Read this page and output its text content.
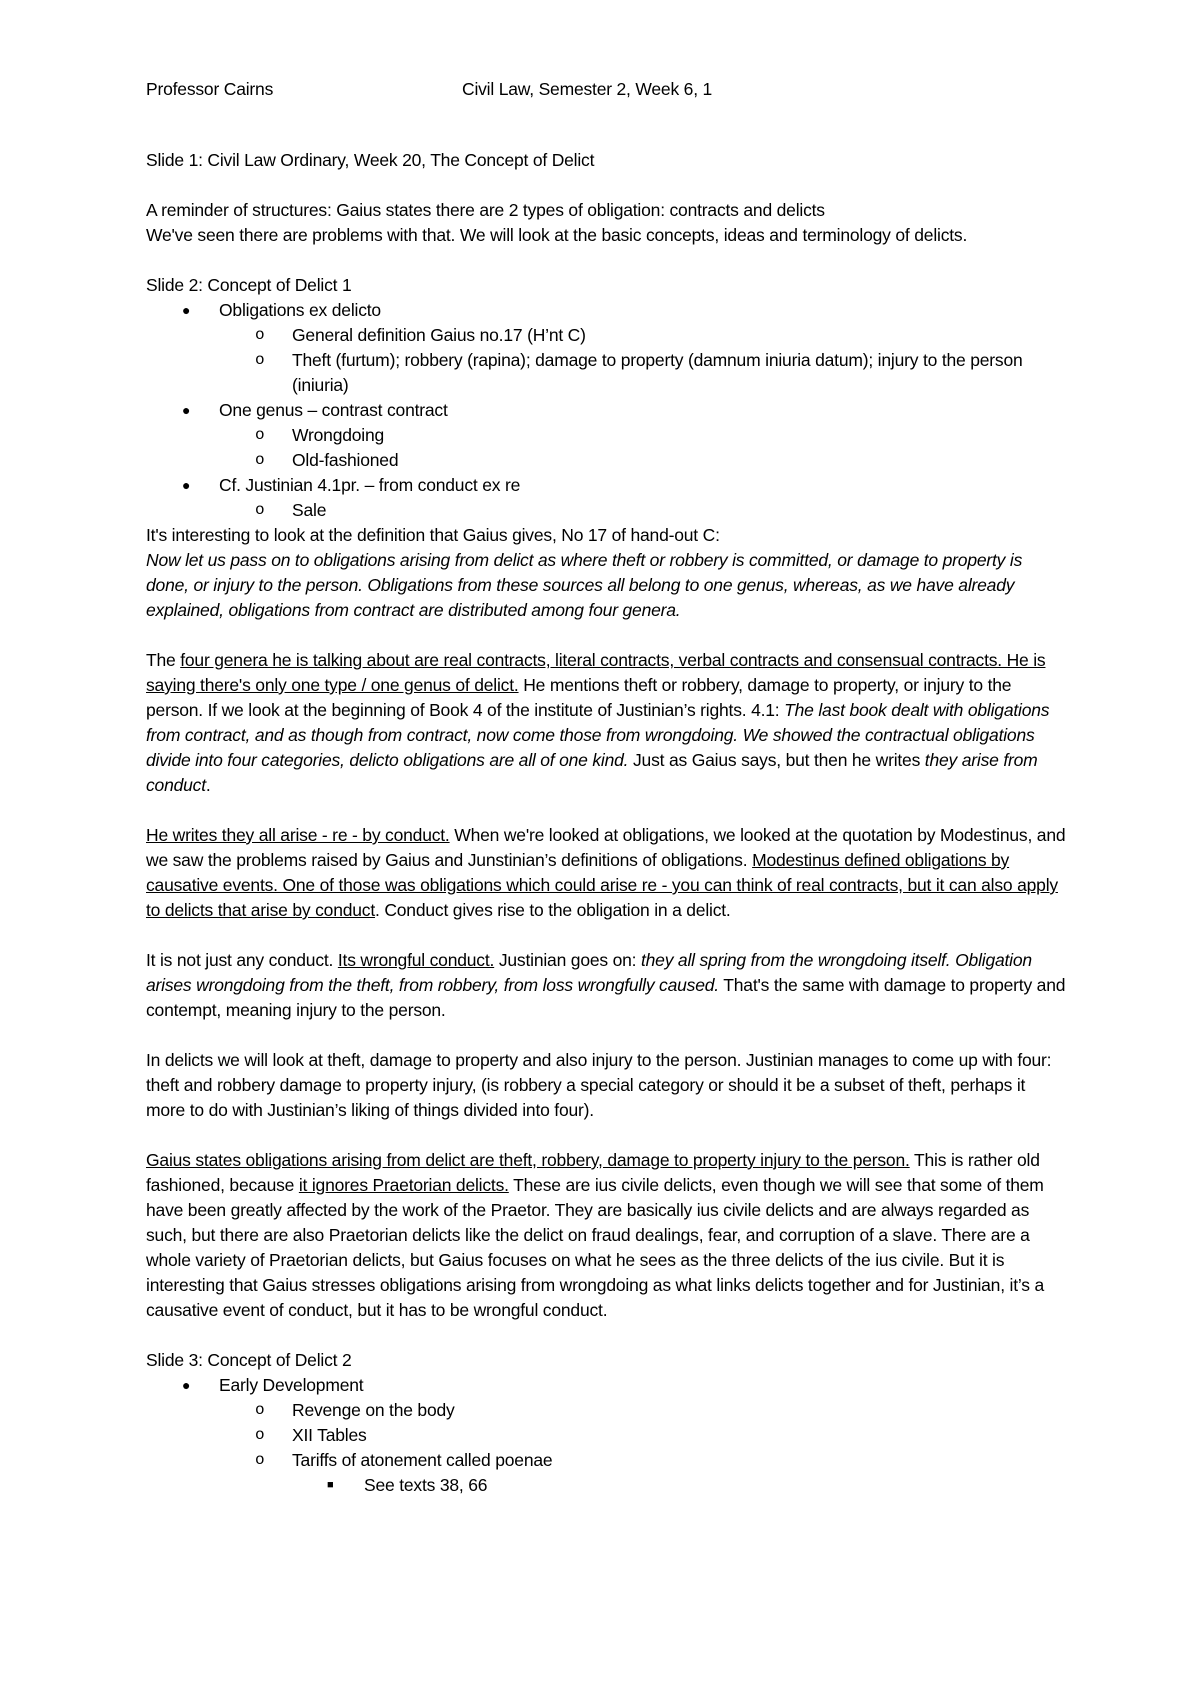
Professor Cairns	Civil Law, Semester 2, Week 6, 1

Slide 1: Civil Law Ordinary, Week 20, The Concept of Delict

A reminder of structures: Gaius states there are 2 types of obligation: contracts and delicts

We've seen there are problems with that. We will look at the basic concepts, ideas and terminology of delicts.

Slide 2: Concept of Delict 1

● Obligations ex delicto
o General definition Gaius no.17 (H’nt C)
o Theft (furtum); robbery (rapina); damage to property (damnum iniuria datum); injury to the person (iniuria)
● One genus – contrast contract
o Wrongdoing
o Old-fashioned
● Cf. Justinian 4.1pr. – from conduct ex re
o Sale

It's interesting to look at the definition that Gaius gives, No 17 of hand-out C:

Now let us pass on to obligations arising from delict as where theft or robbery is committed, or damage to property is done, or injury to the person. Obligations from these sources all belong to one genus, whereas, as we have already explained, obligations from contract are distributed among four genera.

The four genera he is talking about are real contracts, literal contracts, verbal contracts and consensual contracts. He is saying there's only one type / one genus of delict. He mentions theft or robbery, damage to property, or injury to the person. If we look at the beginning of Book 4 of the institute of Justinian’s rights. 4.1: The last book dealt with obligations from contract, and as though from contract, now come those from wrongdoing. We showed the contractual obligations divide into four categories, delicto obligations are all of one kind. Just as Gaius says, but then he writes they arise from conduct.

He writes they all arise - re - by conduct. When we're looked at obligations, we looked at the quotation by Modestinus, and we saw the problems raised by Gaius and Junstinian’s definitions of obligations. Modestinus defined obligations by causative events. One of those was obligations which could arise re - you can think of real contracts, but it can also apply to delicts that arise by conduct. Conduct gives rise to the obligation in a delict.

It is not just any conduct. Its wrongful conduct. Justinian goes on: they all spring from the wrongdoing itself. Obligation arises wrongdoing from the theft, from robbery, from loss wrongfully caused. That's the same with damage to property and contempt, meaning injury to the person.

In delicts we will look at theft, damage to property and also injury to the person. Justinian manages to come up with four: theft and robbery damage to property injury, (is robbery a special category or should it be a subset of theft, perhaps it more to do with Justinian’s liking of things divided into four).

Gaius states obligations arising from delict are theft, robbery, damage to property injury to the person. This is rather old fashioned, because it ignores Praetorian delicts. These are ius civile delicts, even though we will see that some of them have been greatly affected by the work of the Praetor. They are basically ius civile delicts and are always regarded as such, but there are also Praetorian delicts like the delict on fraud dealings, fear, and corruption of a slave. There are a whole variety of Praetorian delicts, but Gaius focuses on what he sees as the three delicts of the ius civile. But it is interesting that Gaius stresses obligations arising from wrongdoing as what links delicts together and for Justinian, it’s a causative event of conduct, but it has to be wrongful conduct.

Slide 3: Concept of Delict 2

● Early Development
o Revenge on the body
o XII Tables
o Tariffs of atonement called poenae
■ See texts 38, 66
